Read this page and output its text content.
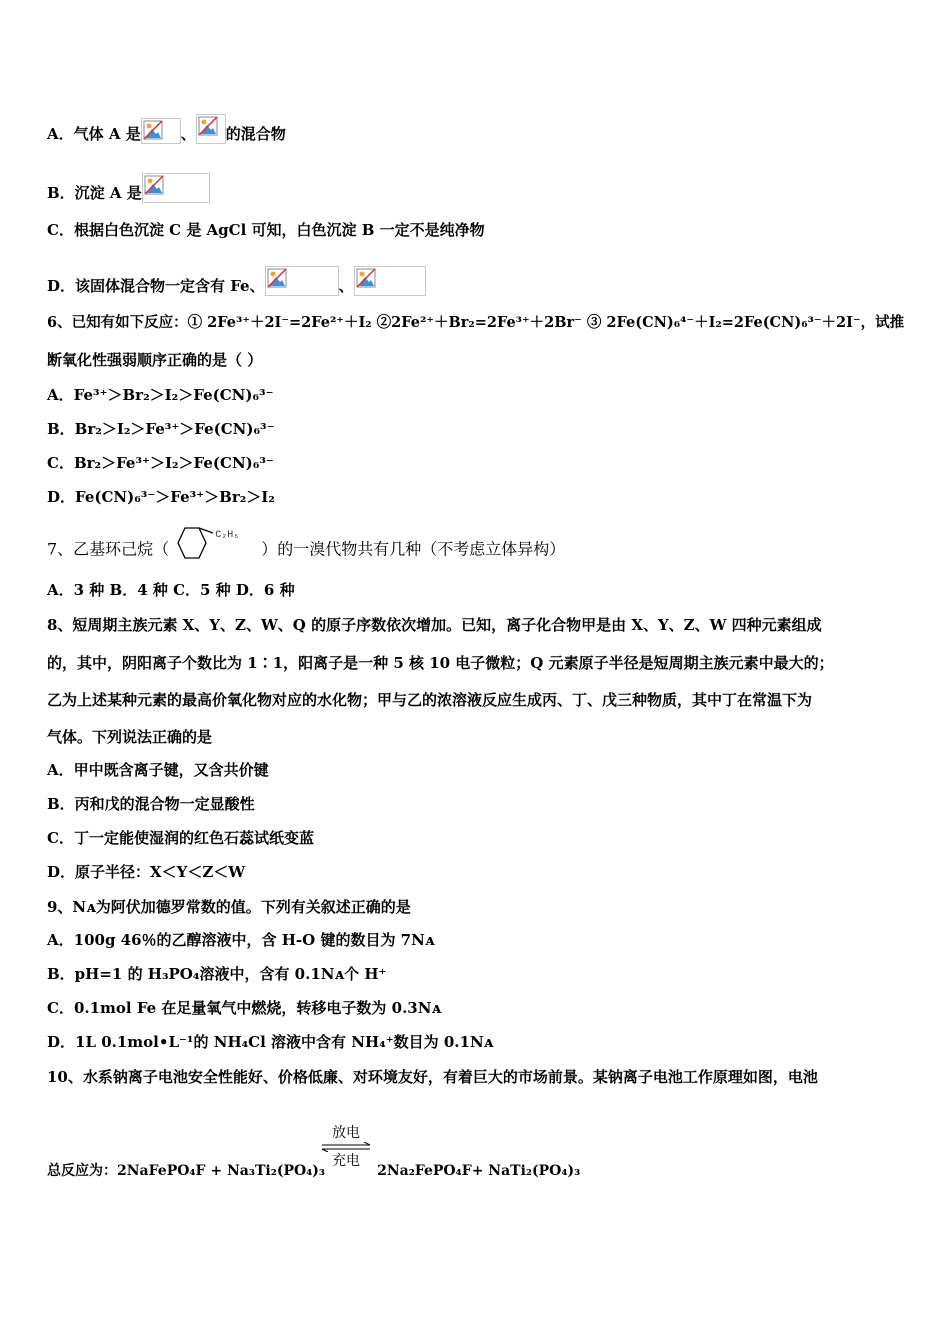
A．气体 A 是	、 的混合物
B．沉淀 A 是
C．根据白色沉淀 C 是 AgCl 可知，白色沉淀 B 一定不是纯净物
D．该固体混合物一定含有 Fe、	、
6、已知有如下反应：① 2Fe³⁺＋2I⁻=2Fe²⁺＋I₂ ②2Fe²⁺＋Br₂=2Fe³⁺＋2Br⁻ ③ 2Fe(CN)₆⁴⁻＋I₂=2Fe(CN)₆³⁻＋2I⁻，试推
断氧化性强弱顺序正确的是（ ）
A．Fe³⁺＞Br₂＞I₂＞Fe(CN)₆³⁻
B．Br₂＞I₂＞Fe³⁺＞Fe(CN)₆³⁻
C．Br₂＞Fe³⁺＞I₂＞Fe(CN)₆³⁻
D．Fe(CN)₆³⁻＞Fe³⁺＞Br₂＞I₂
7、乙基环己烷（
C₂H₅
）的一溴代物共有几种（不考虑立体异构）
A．3 种 B．4 种 C．5 种 D．6 种
8、短周期主族元素 X、Y、Z、W、Q 的原子序数依次增加。已知，离子化合物甲是由 X、Y、Z、W 四种元素组成
的，其中，阴阳离子个数比为 1∶1，阳离子是一种 5 核 10 电子微粒；Q 元素原子半径是短周期主族元素中最大的；
乙为上述某种元素的最高价氧化物对应的水化物；甲与乙的浓溶液反应生成丙、丁、戊三种物质，其中丁在常温下为
气体。下列说法正确的是
A．甲中既含离子键，又含共价键
B．丙和戊的混合物一定显酸性
C．丁一定能使湿润的红色石蕊试纸变蓝
D．原子半径：X＜Y＜Z＜W
9、Nᴀ为阿伏加德罗常数的值。下列有关叙述正确的是
A．100g 46％的乙醇溶液中，含 H-O 键的数目为 7Nᴀ
B．pH=1 的 H₃PO₄溶液中，含有 0.1Nᴀ个 H⁺
C．0.1mol Fe 在足量氧气中燃烧，转移电子数为 0.3Nᴀ
D．1L 0.1mol•L⁻¹的 NH₄Cl 溶液中含有 NH₄⁺数目为 0.1Nᴀ
10、水系钠离子电池安全性能好、价格低廉、对环境友好，有着巨大的市场前景。某钠离子电池工作原理如图，电池
总反应为：2NaFePO₄F + Na₃Ti₂(PO₄)₃	2Na₂FePO₄F+ NaTi₂(PO₄)₃
放电
充电
